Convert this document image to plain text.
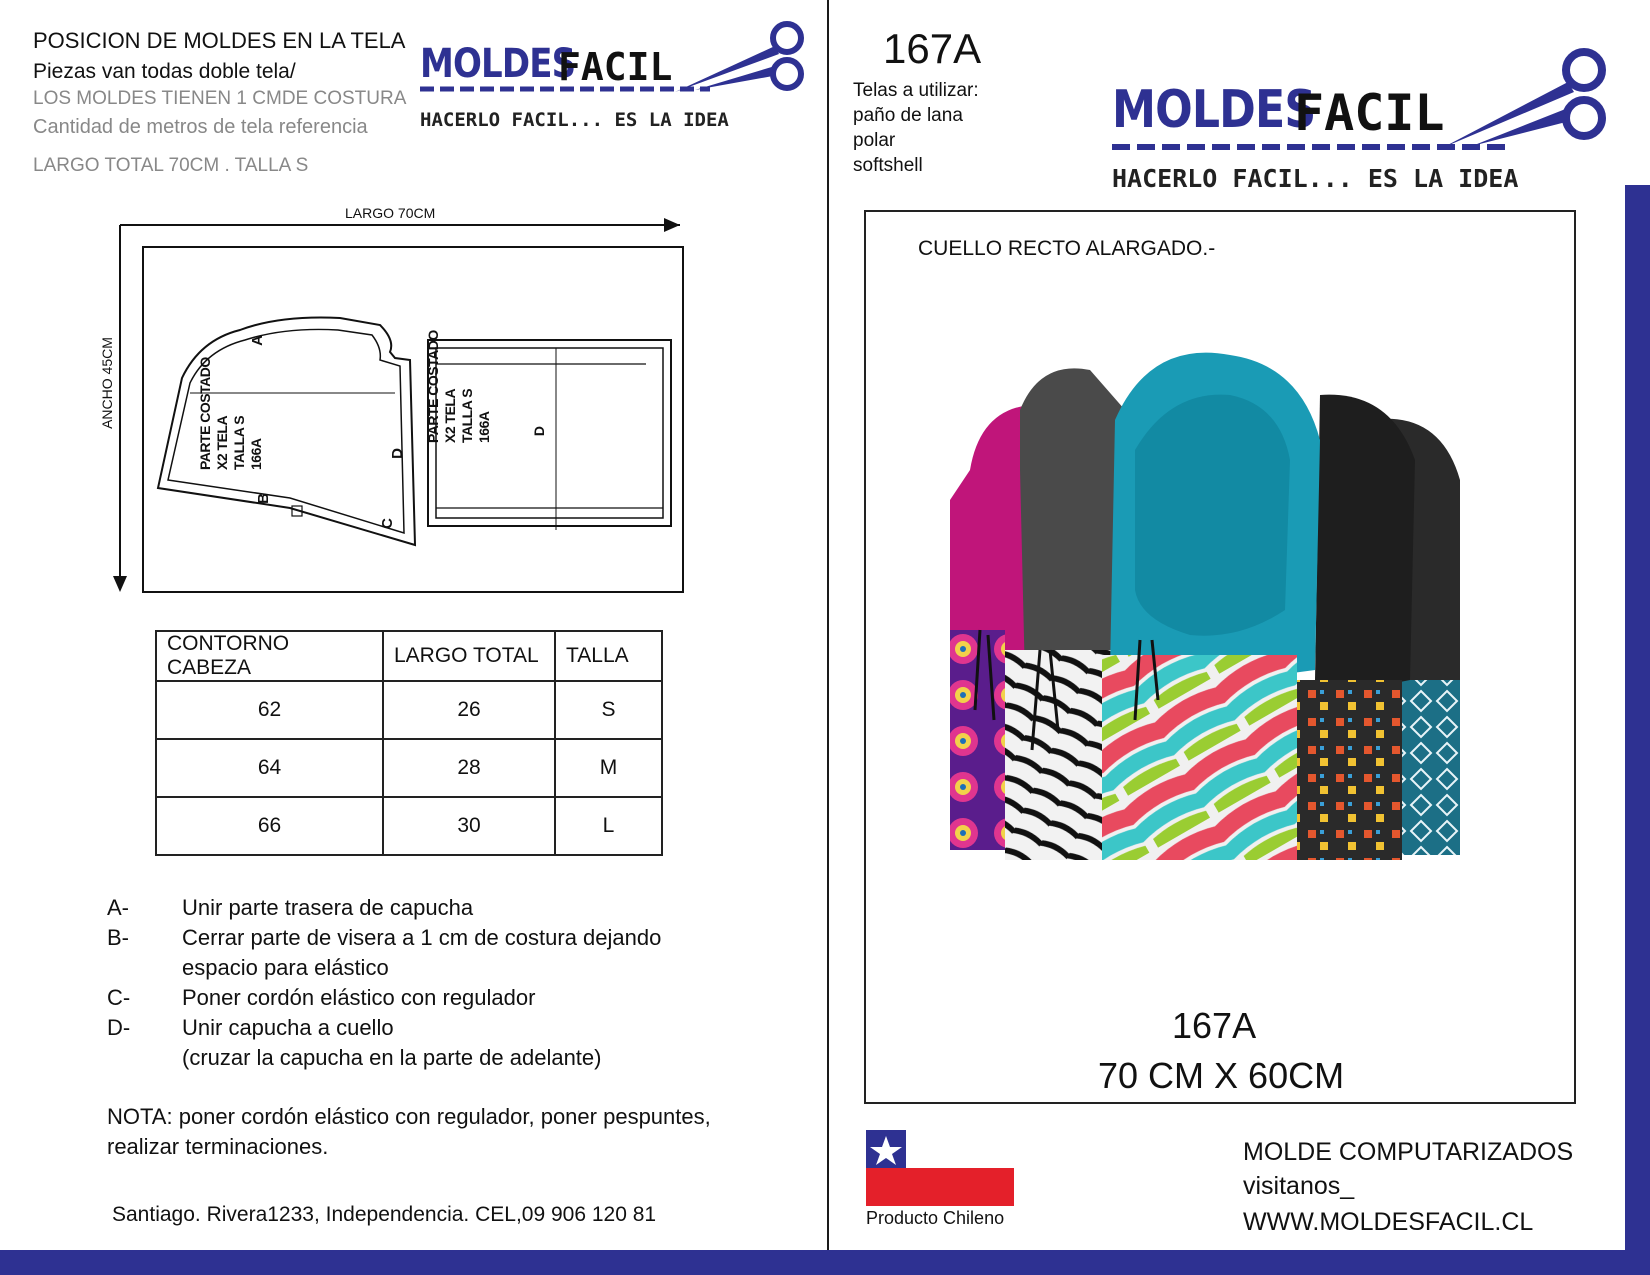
POSICION DE MOLDES EN LA TELA
Piezas van todas doble tela/
LOS MOLDES TIENEN 1 CMDE COSTURA
Cantidad de metros de tela referencia
LARGO TOTAL 70CM . TALLA S
MOLDES
FACIL
HACERLO FACIL... ES LA IDEA
LARGO 70CM
ANCHO 45CM	PARTE COSTADO X2 TELA TALLA S 166A
PARTE COSTADO X2 TELA TALLA S 166A	D
A
B
C
D
CONTORNO CABEZA	LARGO TOTAL	TALLA
62	26	S
64	28	M
66	30	L
A- Unir parte trasera de capucha
B- Cerrar parte de visera a 1 cm de costura dejando
espacio para elástico
C- Poner cordón elástico con regulador
D- Unir capucha a cuello
(cruzar la capucha en la parte de adelante)
NOTA: poner cordón elástico con regulador, poner pespuntes, realizar terminaciones.
Santiago. Rivera1233, Independencia. CEL,09 906 120 81
167A
Telas a utilizar:
paño de lana
polar
softshell
MOLDES
FACIL
HACERLO FACIL... ES LA IDEA
CUELLO RECTO ALARGADO.-
167A
70 CM X 60CM
Producto Chileno
MOLDE COMPUTARIZADOS
visitanos_
WWW.MOLDESFACIL.CL
